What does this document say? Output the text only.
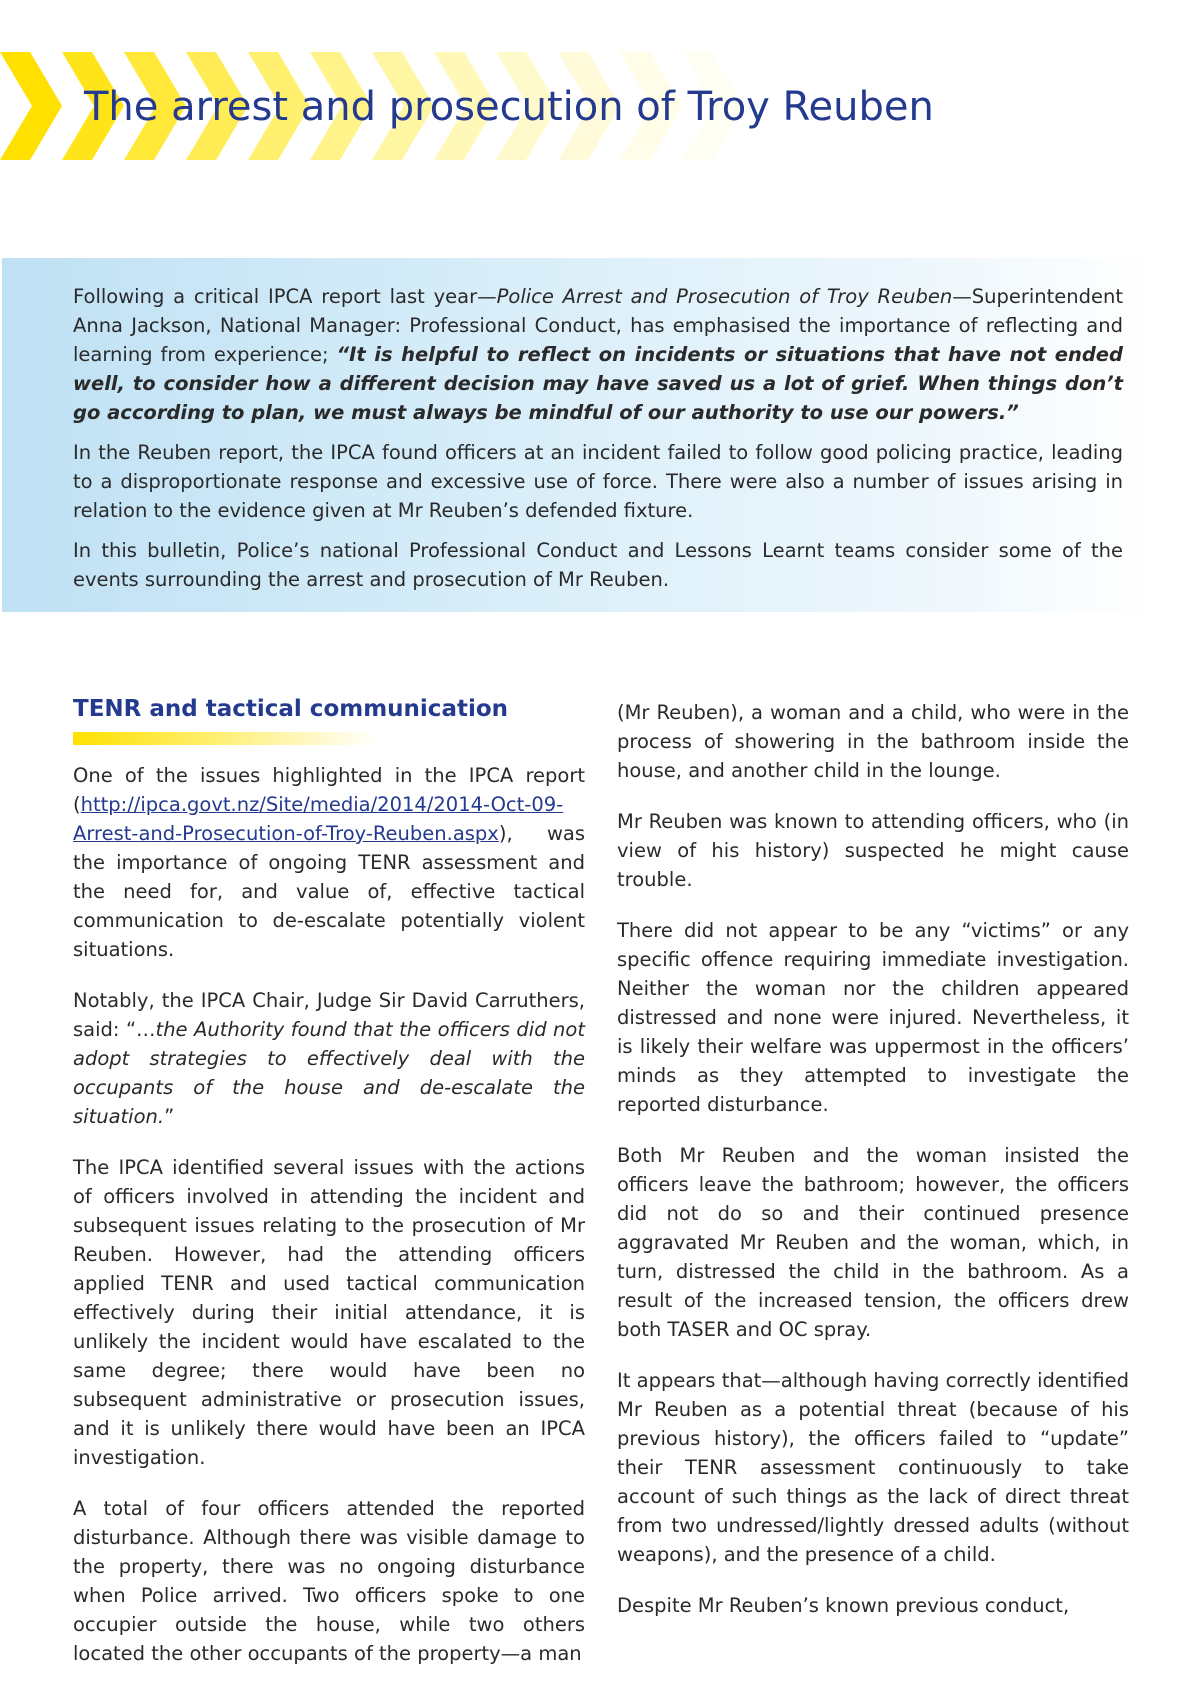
The arrest and prosecution of Troy Reuben

Following a critical IPCA report last year—Police Arrest and Prosecution of Troy Reuben—Superintendent Anna Jackson, National Manager: Professional Conduct, has emphasised the importance of reflecting and learning from experience; “It is helpful to reflect on incidents or situations that have not ended well, to consider how a different decision may have saved us a lot of grief. When things don’t go according to plan, we must always be mindful of our authority to use our powers.”

In the Reuben report, the IPCA found officers at an incident failed to follow good policing practice, leading to a disproportionate response and excessive use of force. There were also a number of issues arising in relation to the evidence given at Mr Reuben’s defended fixture.

In this bulletin, Police’s national Professional Conduct and Lessons Learnt teams consider some of the events surrounding the arrest and prosecution of Mr Reuben.

TENR and tactical communication

One of the issues highlighted in the IPCA report (http://ipca.govt.nz/Site/media/2014/2014-Oct-09-Arrest-and-Prosecution-of-Troy-Reuben.aspx), was the importance of ongoing TENR assessment and the need for, and value of, effective tactical communication to de-escalate potentially violent situations.

Notably, the IPCA Chair, Judge Sir David Carruthers, said: “…the Authority found that the officers did not adopt strategies to effectively deal with the occupants of the house and de-escalate the situation.”

The IPCA identified several issues with the actions of officers involved in attending the incident and subsequent issues relating to the prosecution of Mr Reuben. However, had the attending officers applied TENR and used tactical communication effectively during their initial attendance, it is unlikely the incident would have escalated to the same degree; there would have been no subsequent administrative or prosecution issues, and it is unlikely there would have been an IPCA investigation.

A total of four officers attended the reported disturbance. Although there was visible damage to the property, there was no ongoing disturbance when Police arrived. Two officers spoke to one occupier outside the house, while two others located the other occupants of the property—a man

(Mr Reuben), a woman and a child, who were in the process of showering in the bathroom inside the house, and another child in the lounge.

Mr Reuben was known to attending officers, who (in view of his history) suspected he might cause trouble.

There did not appear to be any “victims” or any specific offence requiring immediate investigation. Neither the woman nor the children appeared distressed and none were injured. Nevertheless, it is likely their welfare was uppermost in the officers’ minds as they attempted to investigate the reported disturbance.

Both Mr Reuben and the woman insisted the officers leave the bathroom; however, the officers did not do so and their continued presence aggravated Mr Reuben and the woman, which, in turn, distressed the child in the bathroom. As a result of the increased tension, the officers drew both TASER and OC spray.

It appears that—although having correctly identified Mr Reuben as a potential threat (because of his previous history), the officers failed to “update” their TENR assessment continuously to take account of such things as the lack of direct threat from two undressed/lightly dressed adults (without weapons), and the presence of a child.

Despite Mr Reuben’s known previous conduct,
